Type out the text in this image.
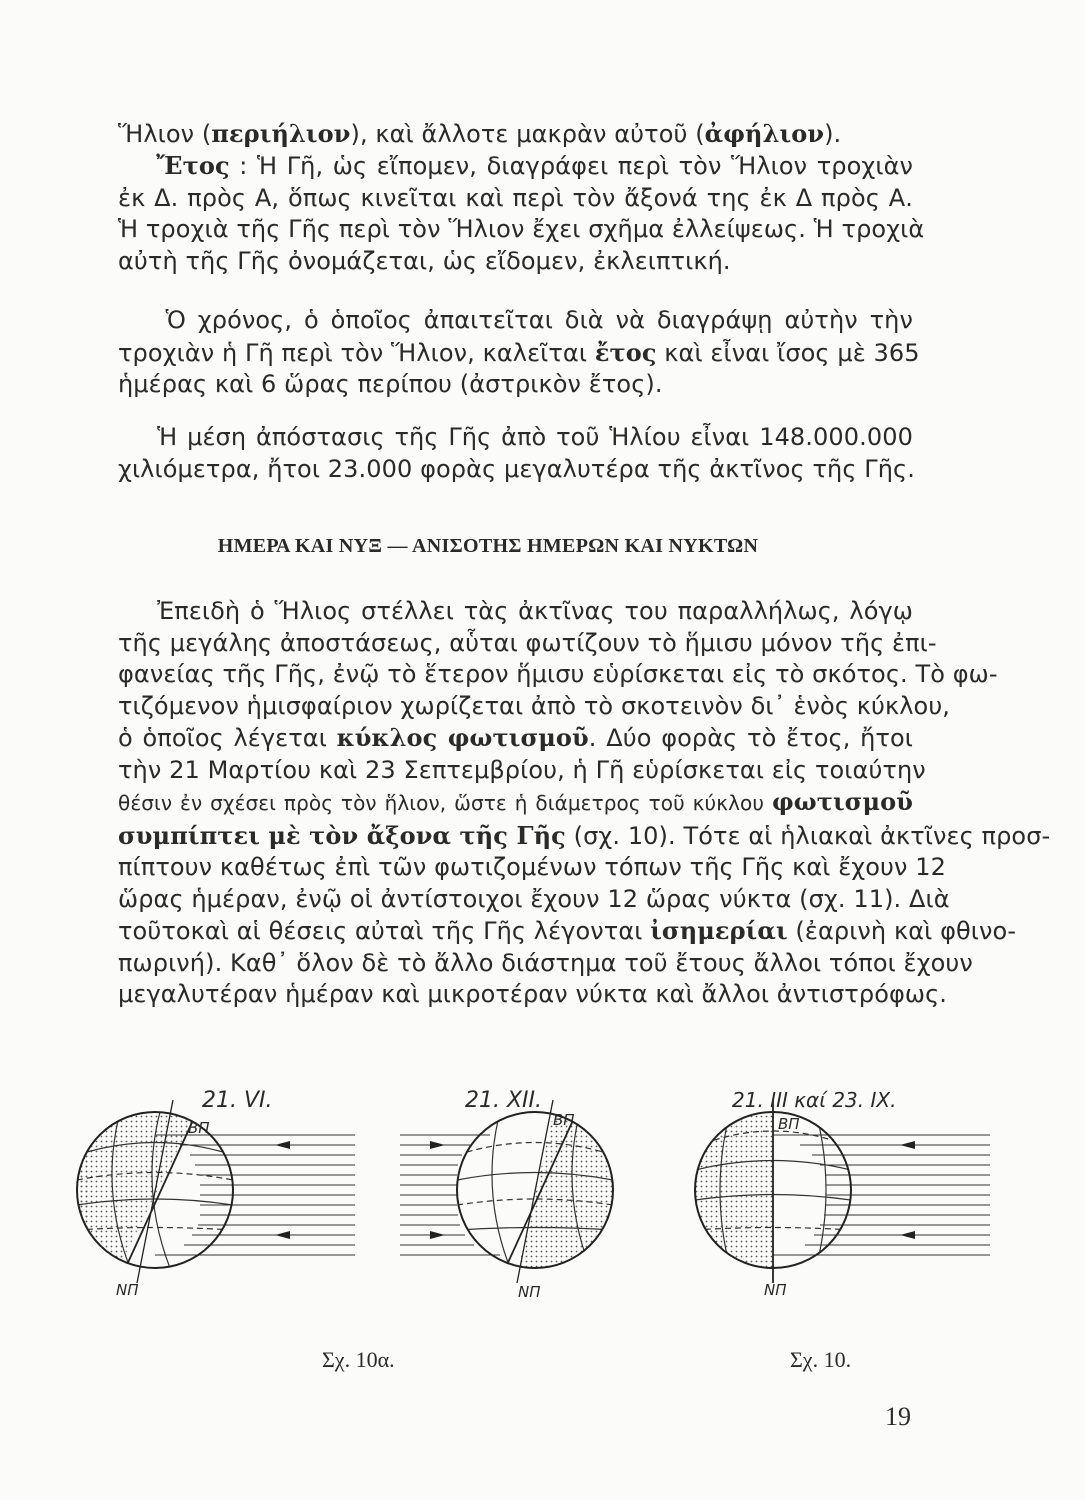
Ἥλιον (περιήλιον), καὶ ἄλλοτε μακρὰν αὐτοῦ (ἀφήλιον).
Ἔτος : Ἡ Γῆ, ὡς εἴπομεν, διαγράφει περὶ τὸν Ἥλιον τροχιὰν
ἐκ Δ. πρὸς Α, ὅπως κινεῖται καὶ περὶ τὸν ἄξονά της ἐκ Δ πρὸς Α.
Ἡ τροχιὰ τῆς Γῆς περὶ τὸν Ἥλιον ἔχει σχῆμα ἐλλείψεως. Ἡ τροχιὰ
αὐτὴ τῆς Γῆς ὀνομάζεται, ὡς εἴδομεν, ἐκλειπτική.
Ὁ χρόνος, ὁ ὁποῖος ἀπαιτεῖται διὰ νὰ διαγράψῃ αὐτὴν τὴν
τροχιὰν ἡ Γῆ περὶ τὸν Ἥλιον, καλεῖται ἔτος καὶ εἶναι ἴσος μὲ 365
ἡμέρας καὶ 6 ὥρας περίπου (ἀστρικὸν ἔτος).
Ἡ μέση ἀπόστασις τῆς Γῆς ἀπὸ τοῦ Ἡλίου εἶναι 148.000.000
χιλιόμετρα, ἤτοι 23.000 φορὰς μεγαλυτέρα τῆς ἀκτῖνος τῆς Γῆς.
ΗΜΕΡΑ ΚΑΙ ΝΥΞ — ΑΝΙΣΟΤΗΣ ΗΜΕΡΩΝ ΚΑΙ ΝΥΚΤΩΝ
Ἐπειδὴ ὁ Ἥλιος στέλλει τὰς ἀκτῖνας του παραλλήλως, λόγῳ
τῆς μεγάλης ἀποστάσεως, αὗται φωτίζουν τὸ ἥμισυ μόνον τῆς ἐπι-
φανείας τῆς Γῆς, ἐνῷ τὸ ἕτερον ἥμισυ εὑρίσκεται εἰς τὸ σκότος. Τὸ φω-
τιζόμενον ἡμισφαίριον χωρίζεται ἀπὸ τὸ σκοτεινὸν δι᾿ ἑνὸς κύκλου,
ὁ ὁποῖος λέγεται κύκλος φωτισμοῦ. Δύο φορὰς τὸ ἔτος, ἤτοι
τὴν 21 Μαρτίου καὶ 23 Σεπτεμβρίου, ἡ Γῆ εὑρίσκεται εἰς τοιαύτην
θέσιν ἐν σχέσει πρὸς τὸν ἥλιον, ὥστε ἡ διάμετρος τοῦ κύκλου φωτισμοῦ
συμπίπτει μὲ τὸν ἄξονα τῆς Γῆς (σχ. 10). Τότε αἱ ἡλιακαὶ ἀκτῖνες προσ-
πίπτουν καθέτως ἐπὶ τῶν φωτιζομένων τόπων τῆς Γῆς καὶ ἔχουν 12
ὥρας ἡμέραν, ἐνῷ οἱ ἀντίστοιχοι ἔχουν 12 ὥρας νύκτα (σχ. 11). Διὰ
τοῦτοκαὶ αἱ θέσεις αὐταὶ τῆς Γῆς λέγονται ἰσημερίαι (ἐαρινὴ καὶ φθινο-
πωρινή). Καθ᾿ ὅλον δὲ τὸ ἄλλο διάστημα τοῦ ἔτους ἄλλοι τόποι ἔχουν
μεγαλυτέραν ἡμέραν καὶ μικροτέραν νύκτα καὶ ἄλλοι ἀντιστρόφως.
21. VI.
ΒΠ
ΝΠ
21. XII.
ΒΠ
ΝΠ
21. III καί 23. IX.
ΒΠ
ΝΠ
Σχ. 10α.	Σχ. 10.
19
